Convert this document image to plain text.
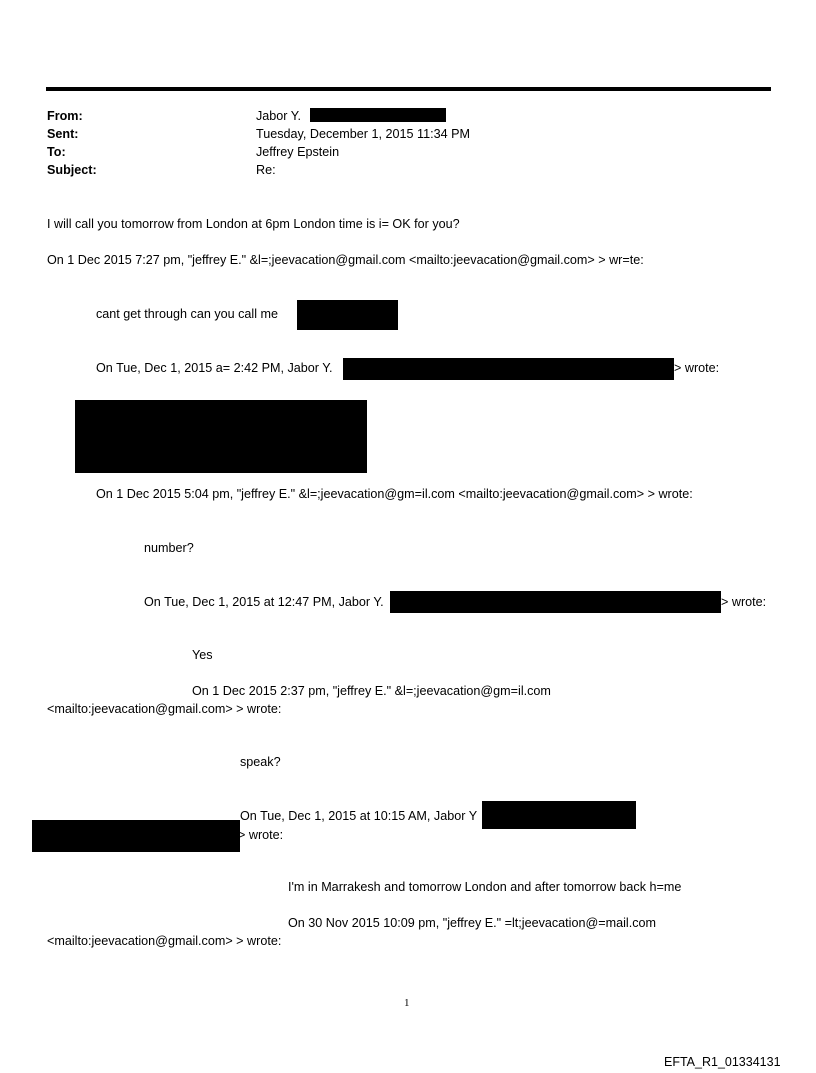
From:
Sent:
To:
Subject:
Jabor Y.
Tuesday, December 1, 2015 11:34 PM
Jeffrey Epstein
Re:
I will call you tomorrow from London at 6pm London time is i= OK for you?
On 1 Dec 2015 7:27 pm, "jeffrey E." &l=;jeevacation@gmail.com <mailto:jeevacation@gmail.com> > wr=te:
cant get through can you call me
On Tue, Dec 1, 2015 a= 2:42 PM, Jabor Y.	> wrote:
On 1 Dec 2015 5:04 pm, "jeffrey E." &l=;jeevacation@gm=il.com <mailto:jeevacation@gmail.com> > wrote:
number?
On Tue, Dec 1, 2015 at 12:47 PM, Jabor Y.	> wrote:
Yes
On 1 Dec 2015 2:37 pm, "jeffrey E." &l=;jeevacation@gm=il.com
<mailto:jeevacation@gmail.com> > wrote:
speak?
On Tue, Dec 1, 2015 at 10:15 AM, Jabor Y
> wrote:
I'm in Marrakesh and tomorrow London and after tomorrow back h=me
On 30 Nov 2015 10:09 pm, "jeffrey E." =lt;jeevacation@=mail.com
<mailto:jeevacation@gmail.com> > wrote:
1
EFTA_R1_01334131
